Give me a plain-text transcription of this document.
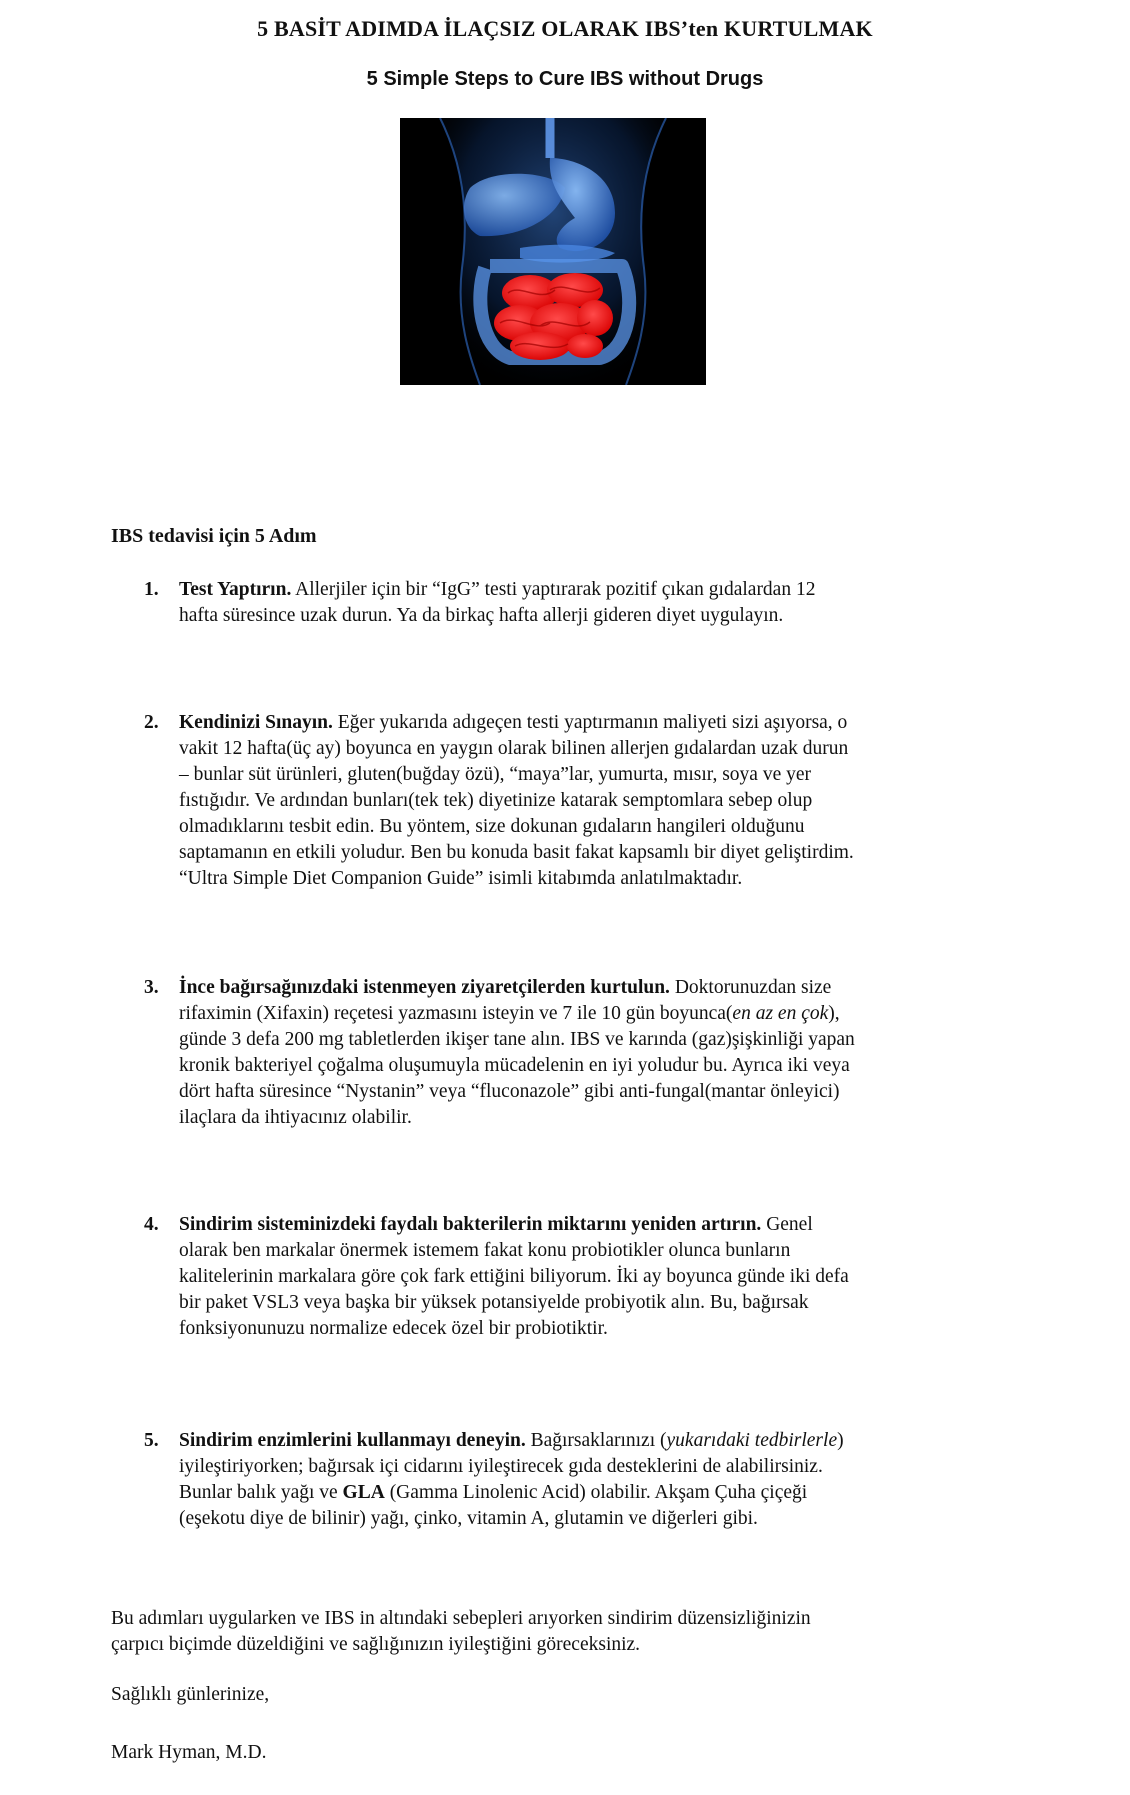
5 BASİT ADIMDA İLAÇSIZ OLARAK IBS’ten KURTULMAK
5 Simple Steps to Cure IBS without Drugs
IBS tedavisi için 5 Adım
1.	Test Yaptırın. Allerjiler için bir “IgG” testi yaptırarak pozitif çıkan gıdalardan 12
hafta süresince uzak durun. Ya da birkaç hafta allerji gideren diyet uygulayın.
2.	Kendinizi Sınayın. Eğer yukarıda adıgeçen testi yaptırmanın maliyeti sizi aşıyorsa, o
vakit 12 hafta(üç ay) boyunca en yaygın olarak bilinen allerjen gıdalardan uzak durun
– bunlar süt ürünleri, gluten(buğday özü), “maya”lar, yumurta, mısır, soya ve yer
fıstığıdır. Ve ardından bunları(tek tek) diyetinize katarak semptomlara sebep olup
olmadıklarını tesbit edin. Bu yöntem, size dokunan gıdaların hangileri olduğunu
saptamanın en etkili yoludur. Ben bu konuda basit fakat kapsamlı bir diyet geliştirdim.
“Ultra Simple Diet Companion Guide” isimli kitabımda anlatılmaktadır.
3.	İnce bağırsağınızdaki istenmeyen ziyaretçilerden kurtulun. Doktorunuzdan size
rifaximin (Xifaxin) reçetesi yazmasını isteyin ve 7 ile 10 gün boyunca(en az en çok),
günde 3 defa 200 mg tabletlerden ikişer tane alın. IBS ve karında (gaz)şişkinliği yapan
kronik bakteriyel çoğalma oluşumuyla mücadelenin en iyi yoludur bu. Ayrıca iki veya
dört hafta süresince “Nystanin” veya “fluconazole” gibi anti-fungal(mantar önleyici)
ilaçlara da ihtiyacınız olabilir.
4.	Sindirim sisteminizdeki faydalı bakterilerin miktarını yeniden artırın. Genel
olarak ben markalar önermek istemem fakat konu probiotikler olunca bunların
kalitelerinin markalara göre çok fark ettiğini biliyorum. İki ay boyunca günde iki defa
bir paket VSL3 veya başka bir yüksek potansiyelde probiyotik alın. Bu, bağırsak
fonksiyonunuzu normalize edecek özel bir probiotiktir.
5.	Sindirim enzimlerini kullanmayı deneyin. Bağırsaklarınızı (yukarıdaki tedbirlerle)
iyileştiriyorken; bağırsak içi cidarını iyileştirecek gıda desteklerini de alabilirsiniz.
Bunlar balık yağı ve GLA (Gamma Linolenic Acid) olabilir. Akşam Çuha çiçeği
(eşekotu diye de bilinir) yağı, çinko, vitamin A, glutamin ve diğerleri gibi.
Bu adımları uygularken ve IBS in altındaki sebepleri arıyorken sindirim düzensizliğinizin
çarpıcı biçimde düzeldiğini ve sağlığınızın iyileştiğini göreceksiniz.
Sağlıklı günlerinize,
Mark Hyman, M.D.
